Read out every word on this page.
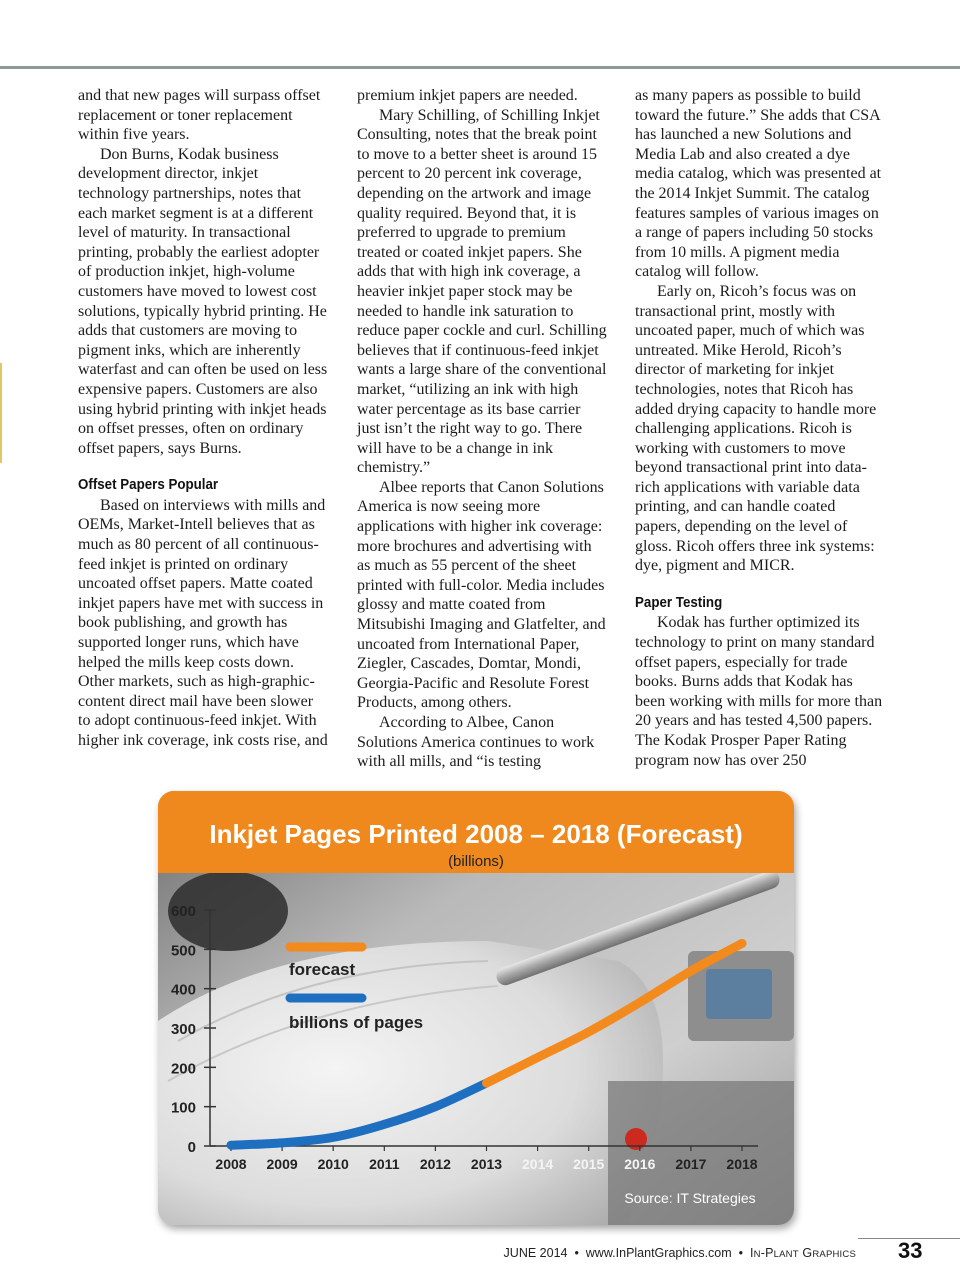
and that new pages will surpass offset replacement or toner replacement within five years.

Don Burns, Kodak business development director, inkjet technology partnerships, notes that each market segment is at a different level of maturity. In transactional printing, probably the earliest adopter of production inkjet, high-volume customers have moved to lowest cost solutions, typically hybrid printing. He adds that customers are moving to pigment inks, which are inherently waterfast and can often be used on less expensive papers. Customers are also using hybrid printing with inkjet heads on offset presses, often on ordinary offset papers, says Burns.

Offset Papers Popular

Based on interviews with mills and OEMs, Market-Intell believes that as much as 80 percent of all continuous-feed inkjet is printed on ordinary uncoated offset papers. Matte coated inkjet papers have met with success in book publishing, and growth has supported longer runs, which have helped the mills keep costs down. Other markets, such as high-graphic-content direct mail have been slower to adopt continuous-feed inkjet. With higher ink coverage, ink costs rise, and

premium inkjet papers are needed.

Mary Schilling, of Schilling Inkjet Consulting, notes that the break point to move to a better sheet is around 15 percent to 20 percent ink coverage, depending on the artwork and image quality required. Beyond that, it is preferred to upgrade to premium treated or coated inkjet papers. She adds that with high ink coverage, a heavier inkjet paper stock may be needed to handle ink saturation to reduce paper cockle and curl. Schilling believes that if continuous-feed inkjet wants a large share of the conventional market, “utilizing an ink with high water percentage as its base carrier just isn’t the right way to go. There will have to be a change in ink chemistry.”

Albee reports that Canon Solutions America is now seeing more applications with higher ink coverage: more brochures and advertising with as much as 55 percent of the sheet printed with full-color. Media includes glossy and matte coated from Mitsubishi Imaging and Glatfelter, and uncoated from International Paper, Ziegler, Cascades, Domtar, Mondi, Georgia-Pacific and Resolute Forest Products, among others.

According to Albee, Canon Solutions America continues to work with all mills, and “is testing

as many papers as possible to build toward the future.” She adds that CSA has launched a new Solutions and Media Lab and also created a dye media catalog, which was presented at the 2014 Inkjet Summit. The catalog features samples of various images on a range of papers including 50 stocks from 10 mills. A pigment media catalog will follow.

Early on, Ricoh’s focus was on transactional print, mostly with uncoated paper, much of which was untreated. Mike Herold, Ricoh’s director of marketing for inkjet technologies, notes that Ricoh has added drying capacity to handle more challenging applications. Ricoh is working with customers to move beyond transactional print into data-rich applications with variable data printing, and can handle coated papers, depending on the level of gloss. Ricoh offers three ink systems: dye, pigment and MICR.

Paper Testing

Kodak has further optimized its technology to print on many standard offset papers, especially for trade books. Burns adds that Kodak has been working with mills for more than 20 years and has tested 4,500 papers. The Kodak Prosper Paper Rating program now has over 250

Inkjet Pages Printed 2008 – 2018 (Forecast)
(billions)
0
100
200
300
400
500
600
2008 2009 2010 2011 2012 2013 2014 2015 2016 2017 2018
forecast
billions of pages
Source: IT Strategies
JUNE 2014 • www.InPlantGraphics.com • IN-PLANT GRAPHICS 33
